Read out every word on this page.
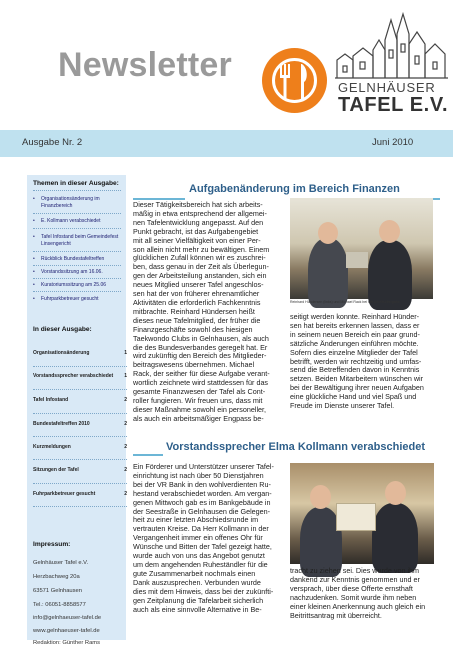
Newsletter
GELNHÄUSER
TAFEL E.V.
Ausgabe Nr. 2	Juni 2010
Themen in dieser Ausgabe:
•	Organisationsänderung im Finanzbereich
•	E. Kollmann verabschiedet
•	Tafel Infostand beim Gemeindefest Linsengericht
•	Rückblick Bundestafeltreffen
•	Vorstandssitzung am 16.06.
•	Kuratoriumssitzung am 25.06
•	Fuhrparkbetreuer gesucht
In dieser Ausgabe:
Organisationsänderung	1
Vorstandssprecher verabschiedet 1
Tafel Infostand	2
Bundestafeltreffen 2010	2
Kurzmeldungen	2
Sitzungen der Tafel	2
Fuhrparkbetreuer gesucht	2
Impressum:
Gelnhäuser Tafel e.V.
Herzbachweg 20a
63571 Gelnhausen
Tel.: 06051-8858577
info@gelnhaeuser-tafel.de
www.gelnhaeuser-tafel.de
Redaktion: Günther Rams
Aufgabenänderung im Bereich Finanzen
Dieser Tätigkeitsbereich hat sich arbeits-
mäßig in etwa entsprechend der allgemei-
nen Tafelentwicklung angepasst. Auf den
Punkt gebracht, ist das Aufgabengebiet
mit all seiner Vielfältigkeit von einer Per-
son allein nicht mehr zu bewältigen. Einem
glücklichen Zufall können wir es zuschrei-
ben, dass genau in der Zeit als Überlegun-
gen der Arbeitsteilung anstanden, sich ein
neues Mitglied unserer Tafel angeschlos-
sen hat der von früherer ehrenamtlicher
Aktivitäten die erforderlich Fachkenntnis
mitbrachte. Reinhard Hündersen heißt
dieses neue Tafelmitglied, der früher die
Finanzgeschäfte sowohl des hiesigen
Taekwondo Clubs in Gelnhausen, als auch
die des Bundesverbandes geregelt hat. Er
wird zukünftig den Bereich des Mitglieder-
beitragswesens übernehmen. Michael
Rack, der seither für diese Aufgabe verant-
wortlich zeichnete wird stattdessen für das
gesamte Finanzwesen der Tafel als Cont-
roller fungieren. Wir freuen uns, dass mit
dieser Maßnahme sowohl ein personeller,
als auch ein arbeitsmäßiger Engpass be-
Reinhard Hündersen (links) und Michael Rack bei der Arbeitsübergabe
seitigt werden konnte. Reinhard Hünder-
sen hat bereits erkennen lassen, dass er
in seinem neuen Bereich ein paar grund-
sätzliche Änderungen einführen möchte.
Sofern dies einzelne Mitglieder der Tafel
betrifft, werden wir rechtzeitig und umfas-
send die Betreffenden davon in Kenntnis
setzen. Beiden Mitarbeitern wünschen wir
bei der Bewältigung ihrer neuen Aufgaben
eine glückliche Hand und viel Spaß und
Freude im Dienste unserer Tafel.
Vorstandssprecher Elma Kollmann verabschiedet
Ein Förderer und Unterstützer unserer Tafel-
einrichtung ist nach über 50 Dienstjahren
bei der VR Bank in den wohlverdienten Ru-
hestand verabschiedet worden. Am vergan-
genen Mittwoch gab es im Bankgebäude in
der Seestraße in Gelnhausen die Gelegen-
heit zu einer letzten Abschiedsrunde im
vertrauten Kreise. Da Herr Kollmann in der
Vergangenheit immer ein offenes Ohr für
Wünsche und Bitten der Tafel gezeigt hatte,
wurde auch von uns das Angebot genutzt
um dem angehenden Ruheständler für die
gute Zusammenarbeit nochmals einen
Dank auszusprechen. Verbunden wurde
dies mit dem Hinweis, dass bei der zukünfti-
gen Zeitplanung die Tafelarbeit sicherlich
auch als eine sinnvolle Alternative in Be-
tracht zu ziehen sei. Dies wurde von ihm
dankend zur Kenntnis genommen und er
versprach, über diese Offerte ernsthaft
nachzudenken. Somit wurde ihm neben
einer kleinen Anerkennung auch gleich ein
Beitrittsantrag mit überreicht.
